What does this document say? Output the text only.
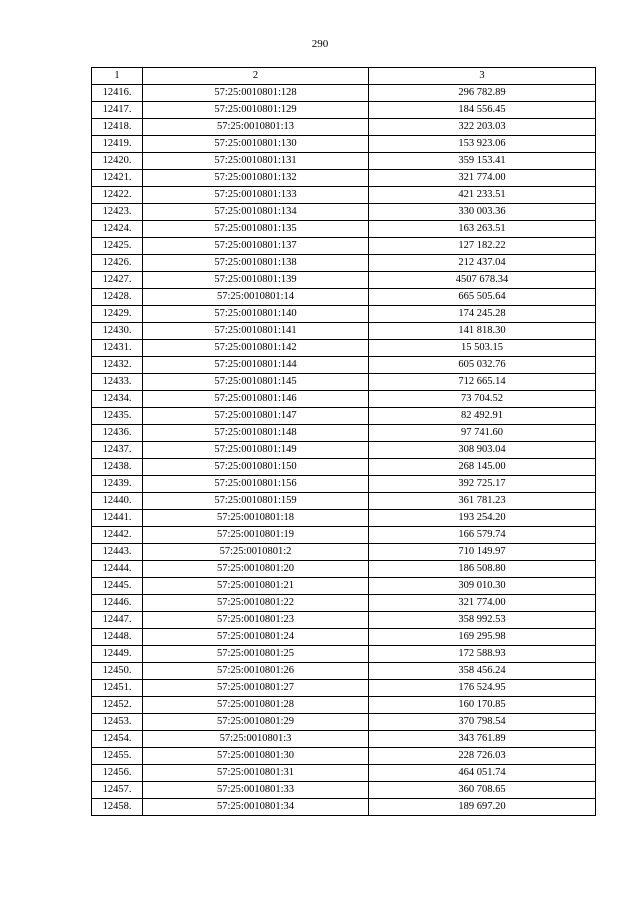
290
1	2	3
12416.	57:25:0010801:128	296 782.89
12417.	57:25:0010801:129	184 556.45
12418.	57:25:0010801:13	322 203.03
12419.	57:25:0010801:130	153 923.06
12420.	57:25:0010801:131	359 153.41
12421.	57:25:0010801:132	321 774.00
12422.	57:25:0010801:133	421 233.51
12423.	57:25:0010801:134	330 003.36
12424.	57:25:0010801:135	163 263.51
12425.	57:25:0010801:137	127 182.22
12426.	57:25:0010801:138	212 437.04
12427.	57:25:0010801:139	4507 678.34
12428.	57:25:0010801:14	665 505.64
12429.	57:25:0010801:140	174 245.28
12430.	57:25:0010801:141	141 818.30
12431.	57:25:0010801:142	15 503.15
12432.	57:25:0010801:144	605 032.76
12433.	57:25:0010801:145	712 665.14
12434.	57:25:0010801:146	73 704.52
12435.	57:25:0010801:147	82 492.91
12436.	57:25:0010801:148	97 741.60
12437.	57:25:0010801:149	308 903.04
12438.	57:25:0010801:150	268 145.00
12439.	57:25:0010801:156	392 725.17
12440.	57:25:0010801:159	361 781.23
12441.	57:25:0010801:18	193 254.20
12442.	57:25:0010801:19	166 579.74
12443.	57:25:0010801:2	710 149.97
12444.	57:25:0010801:20	186 508.80
12445.	57:25:0010801:21	309 010.30
12446.	57:25:0010801:22	321 774.00
12447.	57:25:0010801:23	358 992.53
12448.	57:25:0010801:24	169 295.98
12449.	57:25:0010801:25	172 588.93
12450.	57:25:0010801:26	358 456.24
12451.	57:25:0010801:27	176 524.95
12452.	57:25:0010801:28	160 170.85
12453.	57:25:0010801:29	370 798.54
12454.	57:25:0010801:3	343 761.89
12455.	57:25:0010801:30	228 726.03
12456.	57:25:0010801:31	464 051.74
12457.	57:25:0010801:33	360 708.65
12458.	57:25:0010801:34	189 697.20
